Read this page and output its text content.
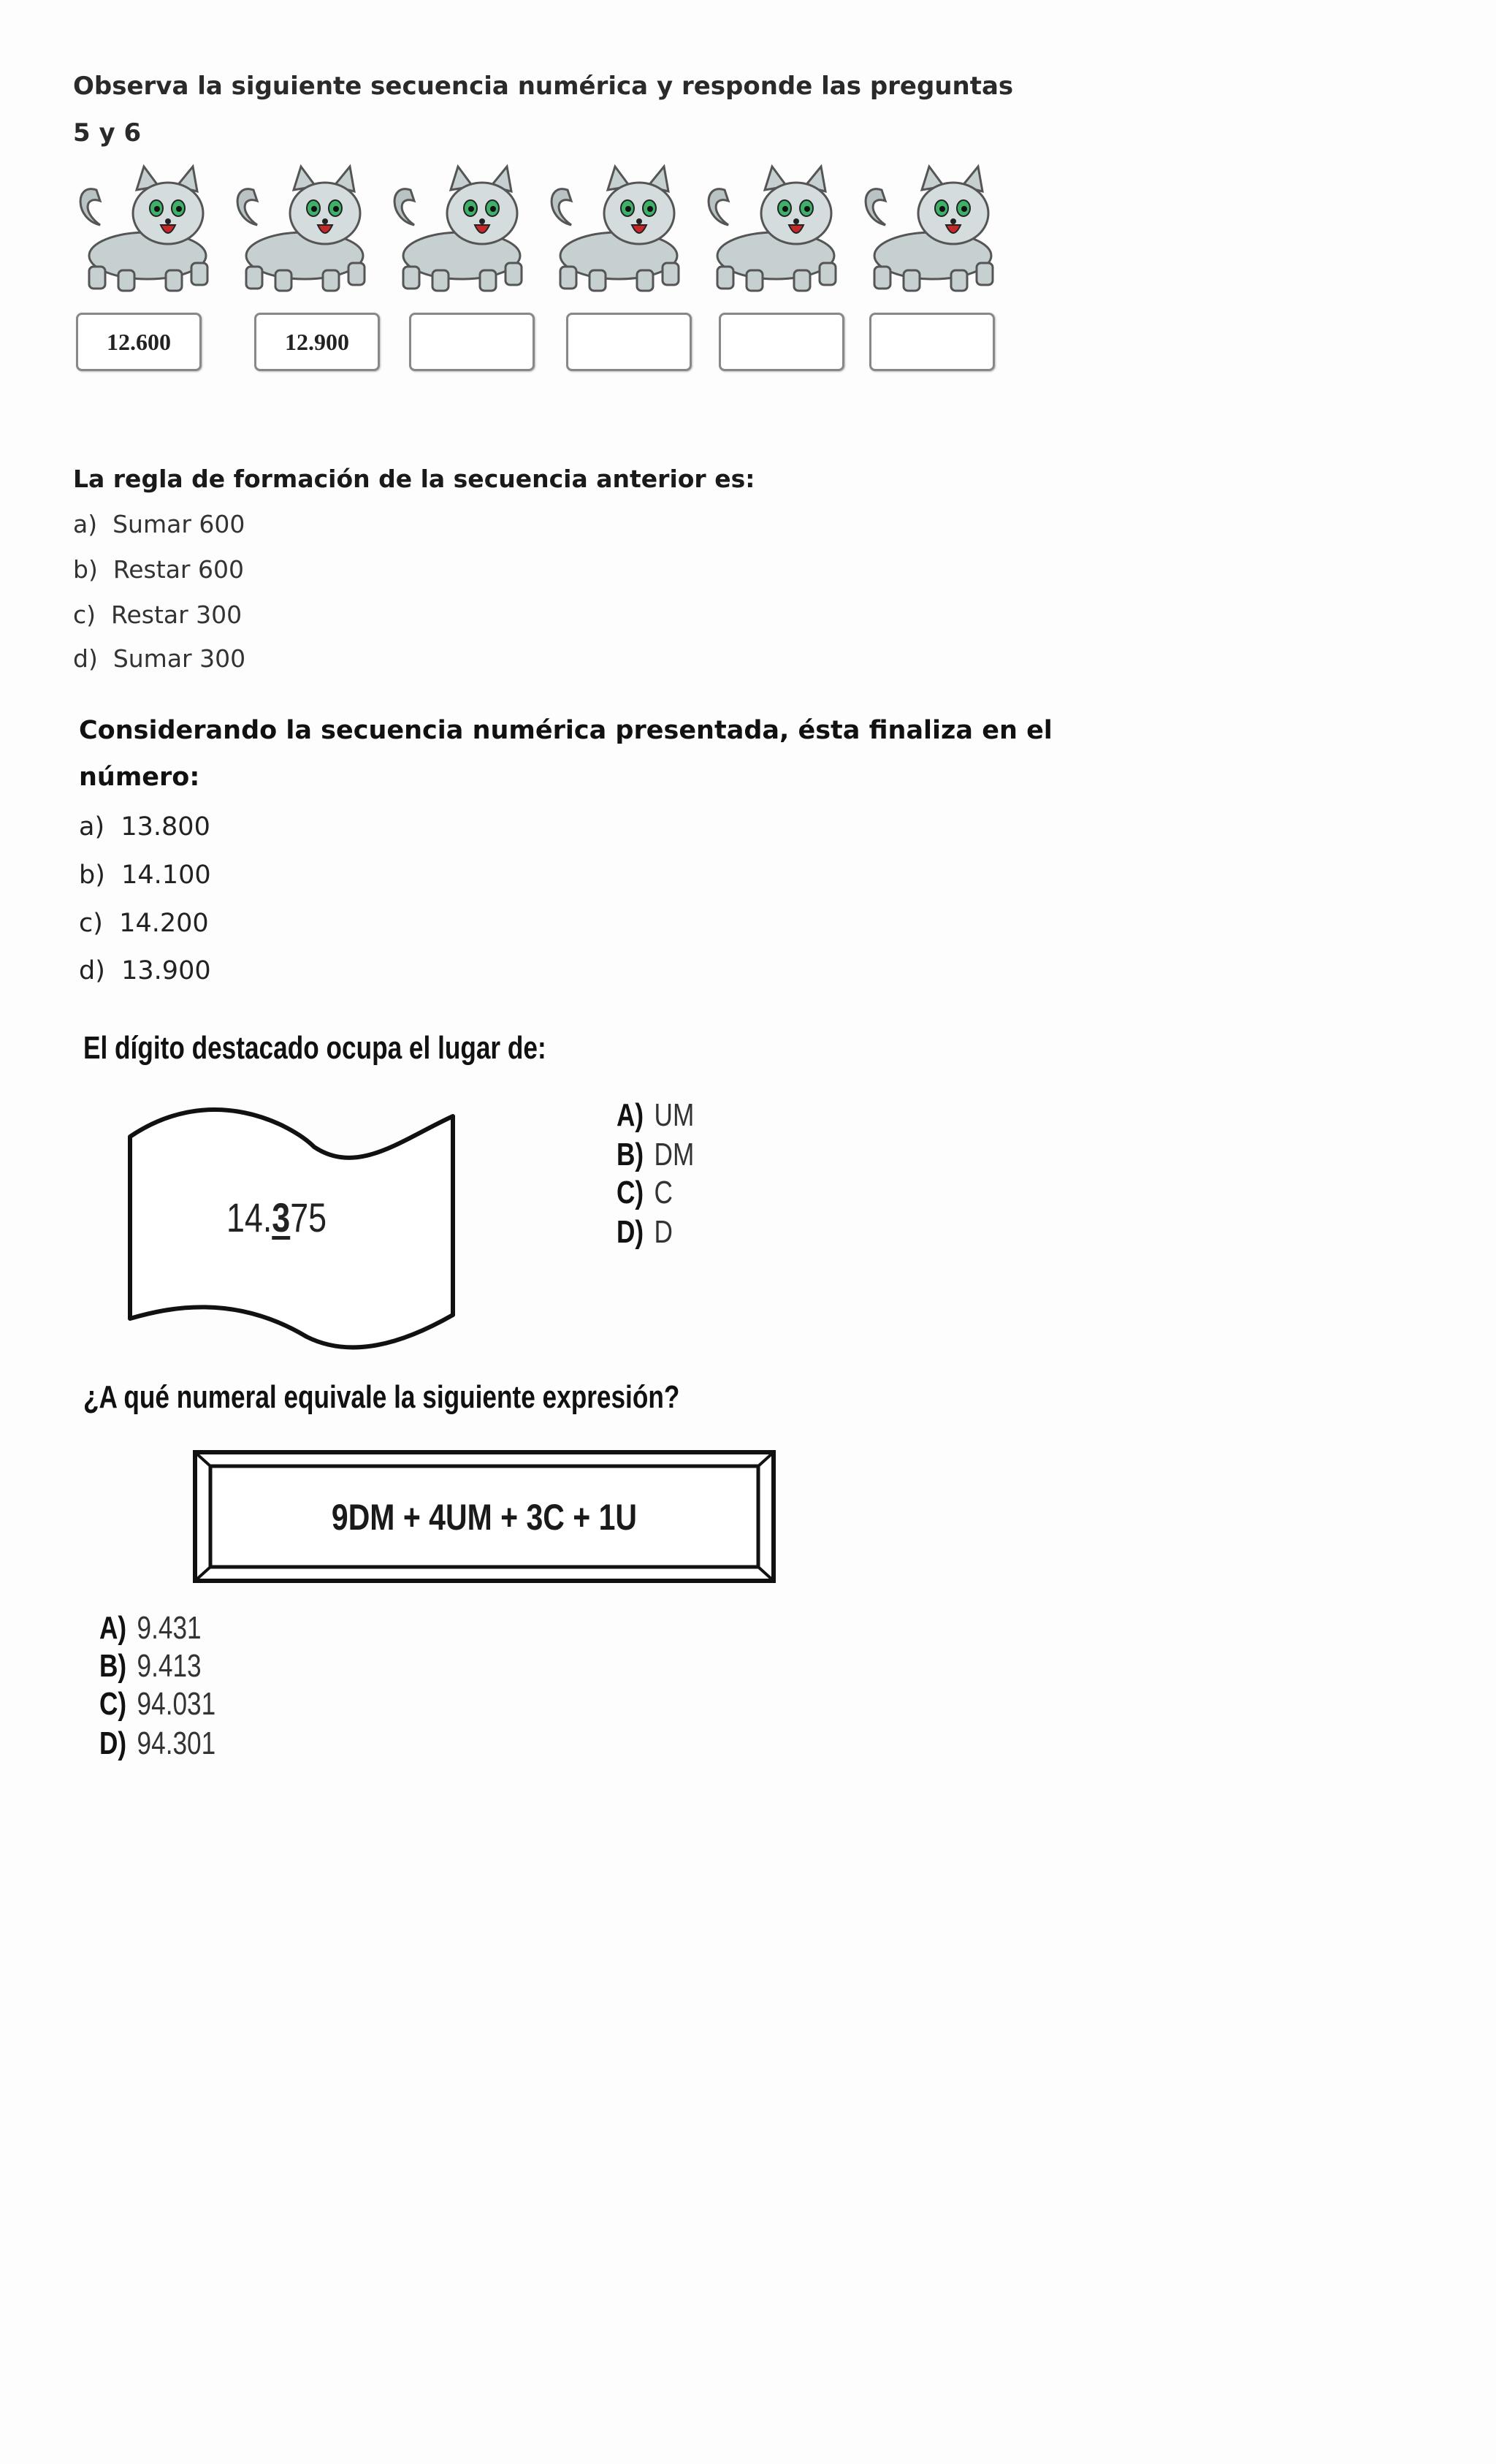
Observa la siguiente secuencia numérica y responde las preguntas
5 y 6
12.600	12.900
La regla de formación de la secuencia anterior es:
a) Sumar 600
b) Restar 600
c) Restar 300
d) Sumar 300
Considerando la secuencia numérica presentada, ésta finaliza en el
número:
a) 13.800
b) 14.100
c) 14.200
d) 13.900
El dígito destacado ocupa el lugar de:
14.375
A) UM
B) DM
C) C
D) D
¿A qué numeral equivale la siguiente expresión?
9DM + 4UM + 3C + 1U
A) 9.431
B) 9.413
C) 94.031
D) 94.301
